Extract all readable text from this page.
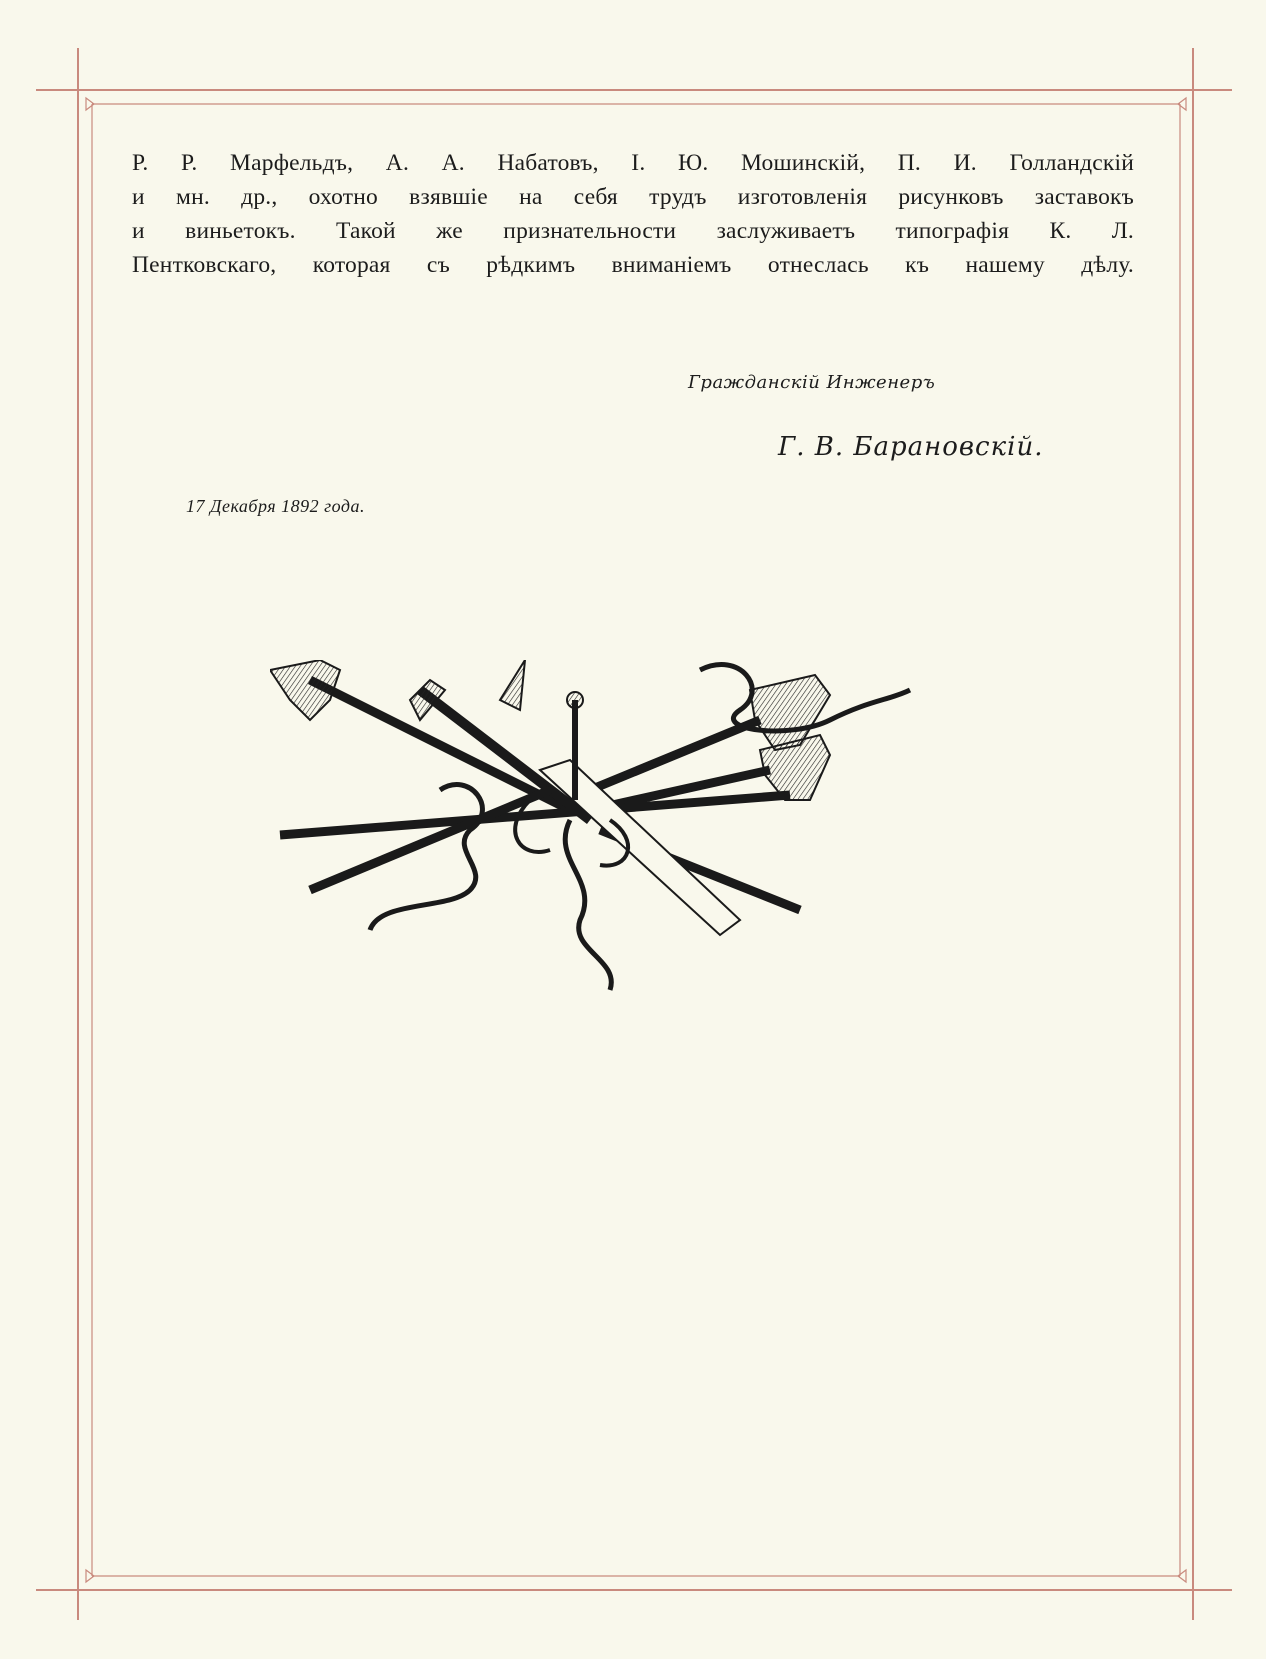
Р. Р. Марфельдъ, А. А. Набатовъ, І. Ю. Мошинскій, П. И. Голландскій
и мн. др., охотно взявшіе на себя трудъ изготовленія рисунковъ заставокъ
и виньетокъ. Такой же признательности заслуживаетъ типографія К. Л.
Пентковскаго, которая съ рѣдкимъ вниманіемъ отнеслась къ нашему дѣлу.
Гражданскій Инженеръ
Г. В. Барановскій.
17 Декабря 1892 года.
